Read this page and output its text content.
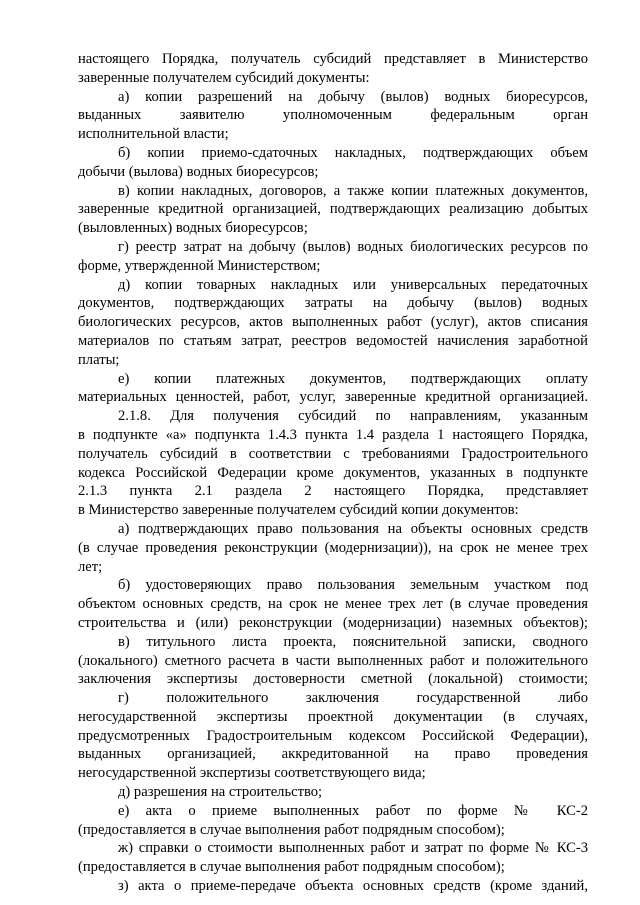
настоящего Порядка, получатель субсидий представляет в Министерство
заверенные получателем субсидий документы:
а) копии разрешений на добычу (вылов) водных биоресурсов,
выданных заявителю уполномоченным федеральным орган
исполнительной власти;
б) копии приемо-сдаточных накладных, подтверждающих объем
добычи (вылова) водных биоресурсов;
в) копии накладных, договоров, а также копии платежных документов,
заверенные кредитной организацией, подтверждающих реализацию добытых
(выловленных) водных биоресурсов;
г) реестр затрат на добычу (вылов) водных биологических ресурсов по
форме, утвержденной Министерством;
д) копии товарных накладных или универсальных передаточных
документов, подтверждающих затраты на добычу (вылов) водных
биологических ресурсов, актов выполненных работ (услуг), актов списания
материалов по статьям затрат, реестров ведомостей начисления заработной
платы;
е) копии платежных документов, подтверждающих оплату
материальных ценностей, работ, услуг, заверенные кредитной организацией.
2.1.8. Для получения субсидий по направлениям, указанным
в подпункте «а» подпункта 1.4.3 пункта 1.4 раздела 1 настоящего Порядка,
получатель субсидий в соответствии с требованиями Градостроительного
кодекса Российской Федерации кроме документов, указанных в подпункте
2.1.3 пункта 2.1 раздела 2 настоящего Порядка, представляет
в Министерство заверенные получателем субсидий копии документов:
а) подтверждающих право пользования на объекты основных средств
(в случае проведения реконструкции (модернизации)), на срок не менее трех
лет;
б) удостоверяющих право пользования земельным участком под
объектом основных средств, на срок не менее трех лет (в случае проведения
строительства и (или) реконструкции (модернизации) наземных объектов);
в) титульного листа проекта, пояснительной записки, сводного
(локального) сметного расчета в части выполненных работ и положительного
заключения экспертизы достоверности сметной (локальной) стоимости;
г) положительного заключения государственной либо
негосударственной экспертизы проектной документации (в случаях,
предусмотренных Градостроительным кодексом Российской Федерации),
выданных организацией, аккредитованной на право проведения
негосударственной экспертизы соответствующего вида;
д) разрешения на строительство;
е) акта о приеме выполненных работ по форме № КС-2
(предоставляется в случае выполнения работ подрядным способом);
ж) справки о стоимости выполненных работ и затрат по форме № КС-3
(предоставляется в случае выполнения работ подрядным способом);
з) акта о приеме-передаче объекта основных средств (кроме зданий,
